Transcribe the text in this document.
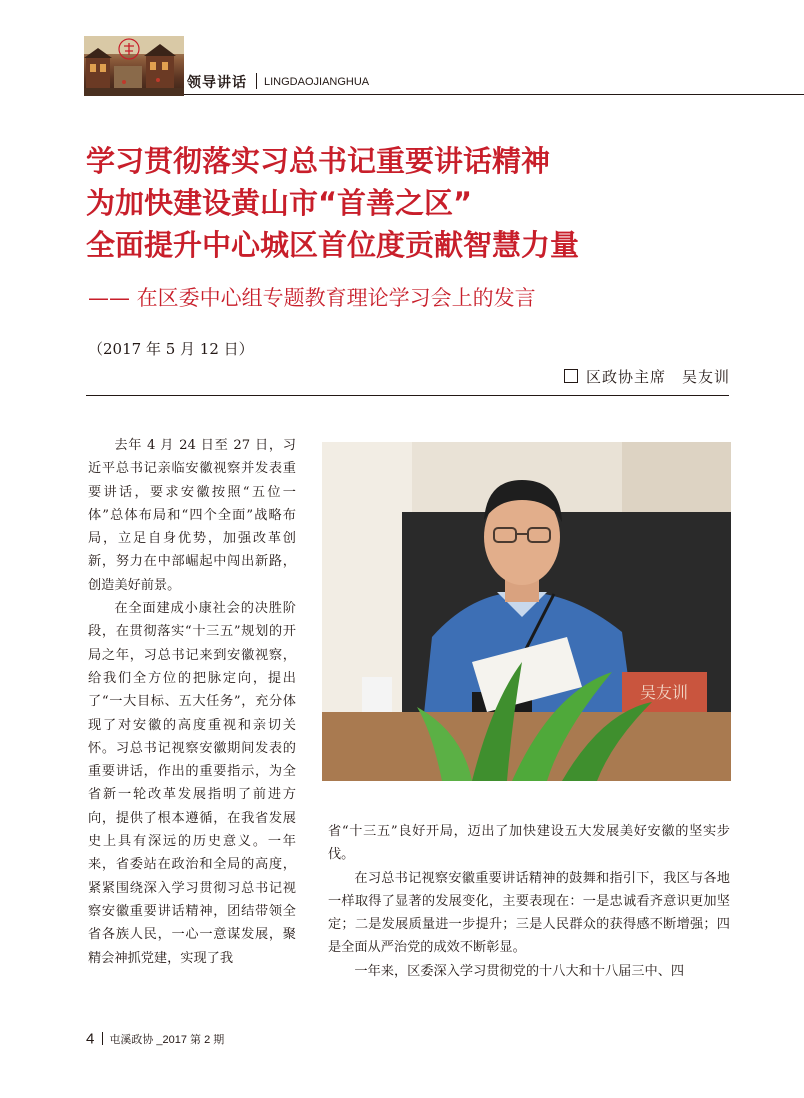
领导讲话 LINGDAOJIANGHUA
学习贯彻落实习总书记重要讲话精神
为加快建设黄山市“首善之区”
全面提升中心城区首位度贡献智慧力量
—— 在区委中心组专题教育理论学习会上的发言
（2017 年 5 月 12 日）
区政协主席　吴友训

去年 4 月 24 日至 27 日，习近平总书记亲临安徽视察并发表重要讲话，要求安徽按照“五位一体”总体布局和“四个全面”战略布局，立足自身优势，加强改革创新，努力在中部崛起中闯出新路，创造美好前景。

在全面建成小康社会的决胜阶段，在贯彻落实“十三五”规划的开局之年，习总书记来到安徽视察，给我们全方位的把脉定向，提出了“一大目标、五大任务”，充分体现了对安徽的高度重视和亲切关怀。习总书记视察安徽期间发表的重要讲话，作出的重要指示，为全省新一轮改革发展指明了前进方向，提供了根本遵循，在我省发展史上具有深远的历史意义。一年来，省委站在政治和全局的高度，紧紧围绕深入学习贯彻习总书记视察安徽重要讲话精神，团结带领全省各族人民，一心一意谋发展，聚精会神抓党建，实现了我

吴友训

省“十三五”良好开局，迈出了加快建设五大发展美好安徽的坚实步伐。

在习总书记视察安徽重要讲话精神的鼓舞和指引下，我区与各地一样取得了显著的发展变化，主要表现在：一是忠诚看齐意识更加坚定；二是发展质量进一步提升；三是人民群众的获得感不断增强；四是全面从严治党的成效不断彰显。

一年来，区委深入学习贯彻党的十八大和十八届三中、四

4 屯溪政协 _2017 第 2 期
